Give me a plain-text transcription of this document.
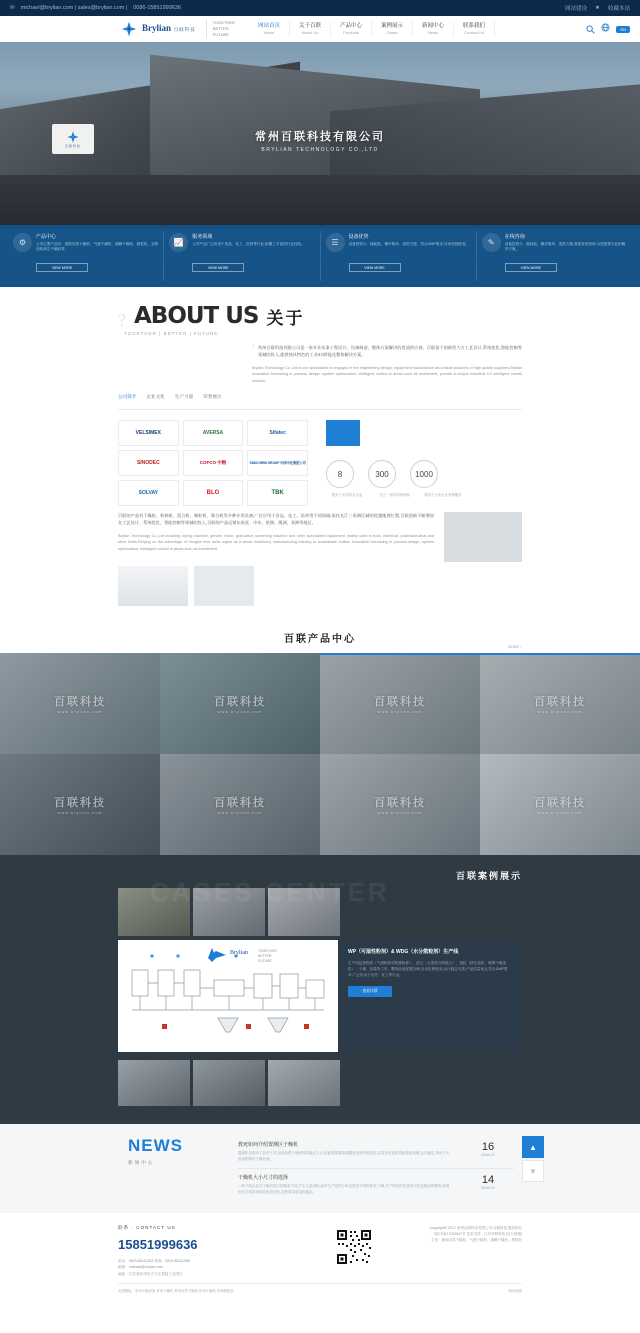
✉ michael@brylian.com | sales@brylian.com | 0086-15851999636	网站建设 ★ 收藏本站
Brylian 百联科技
TOGETHER
BETTER
FUTURE
网站首页
Home
关于百联
About Us
产品中心
Products
案例展示
Cases
新闻中心
News
联系我们
Contact Us
EN
百联科技
常州百联科技有限公司
BRYLIAN TECHNOLOGY CO.,LTD
⚙
产品中心
公司主要产品有：旋转闪蒸干燥机、气流干燥机、沸腾干燥机、制粒机、双锥回转真空干燥机等。
VIEW MORE
📈
服务领域
公司产品广泛应用于食品、化工、医药等行业,积累了丰富的行业经验。
VIEW MORE
☰
设备优势
设备投资少、能耗低、操作简单、清洗方便、符合GMP要求,自动化程度高。
VIEW MORE
✎
在线咨询
设备投资少、能耗低、操作简单、清洗方便,欢迎来电咨询,为您提供专业的解决方案。
VIEW MORE
? ABOUT US 关于
TOGETHER | BETTER | FUTURE.
“ 常州百联科技有限公司是一家专业从事工程设计、设备制造、整体方案解决的优质供应商。百联基于创新型大方工艺设计,系统优化,智能控制等领域的投入,提供独具特色的工业4.0智能化整体解决方案。
Brylian Technology Co.,Ltd is one specialized is engaged in the engineering design, equipment manufacture and install solutions of high quality suppliers.Brylian innovation increasing in process design, system optimization, intelligent control in areas such as investment, provide a unique industrial 4.0 intelligent overall solution.
公司简介 企业文化 生产力量 荣誉展示
VELSIMEX	AVERSA	Sifatec
SINODEC	COFCO 中粮	SINOCHEM GROUP 中国中化集团公司
SOLVAY	BLG	TBK
8	300	1000
服务于多家知名企业	员工一体的科研团队	服务于大家企业管理服务
百联的产品有干燥机、粉碎机、混合机、制粒机、筛分机等多种专用设备,广泛应用于食品、化工、医药等不同领域,依托长江三角洲区域的优越地理位置,百联创新不断增加在工艺设计、系统优化、智能控制等领域的投入,百联的产品远销东南亚、中东、欧洲、澳洲、非洲等地区。
Brylian Technology Co.,Ltd including drying machine, grinder, mixer, granulator, screening machine and other specialized equipment, widely used in food, chemical, pharmaceutical and other fields.Relying on the advantage of Yangtze river delta region as a whole machinery manufacturing industry to consolidate, baillan innovation increasing in process design, system optimization, intelligent control in areas such as investment
百联产品中心
MORE +
百联科技
www.brylian.com
百联科技
www.brylian.com
百联科技
www.brylian.com
百联科技
www.brylian.com
百联科技
www.brylian.com
百联科技
www.brylian.com
百联科技
www.brylian.com
百联科技
www.brylian.com
CASES CENTER
百联案例展示
Brylian	TOGETHER
BETTER
FUTURE
WP（可湿性粉剂）& WDG（水分散粒剂）生产线

生产线包括粉碎（气流粉碎或机械粉碎）、混合（大型混合筒混合）、造粒（挤压造粒、喷雾干燥造粒）、干燥、包装等工序。整线设备配置合理,自动化程度高,运行稳定可靠,产品质量优良,符合GMP要求,广泛应用于农药、化工等行业。

查看详情
NEWS
新闻中心
教死如何介绍置测区于燥机
置测机在振动工业的干式,运用有很于燥材料的能过入大,因此需要重置测器有良好的稳定性,以及有优良的设备系统机械,运行稳定,适用于大批量的物料干燥处理。
16
2018-03
干燥机大小尺寸的选择
一般不同企业对干燥机进行的要求不同,产生大量活粉,而对生产化的分布也是有不同的要求,干燥,生产的化的变化的对比处理这种要的,如规划压力和效率的变化而变化,这种要求更加的稳定。
14
2018-03
▲
▼
联系 · CONTACT US
15851999636
电话：0519-85111553 传真：0519-85111988
邮箱：michael@brylian.com
地址：江苏省常州市天宁区郑陆工业园区
Copyright© 2017 常州百联科技有限公司 百联科技 版权所有
苏ICP备17022947号 技术支持：江苏华利科技 [后台管理]
主营：旋转闪蒸干燥机、气流干燥机、沸腾干燥机、制粒机
友情链接：常州干燥设备 常州干燥机 常州闪蒸干燥机 常州干燥机 常州制粒机	网站地图
